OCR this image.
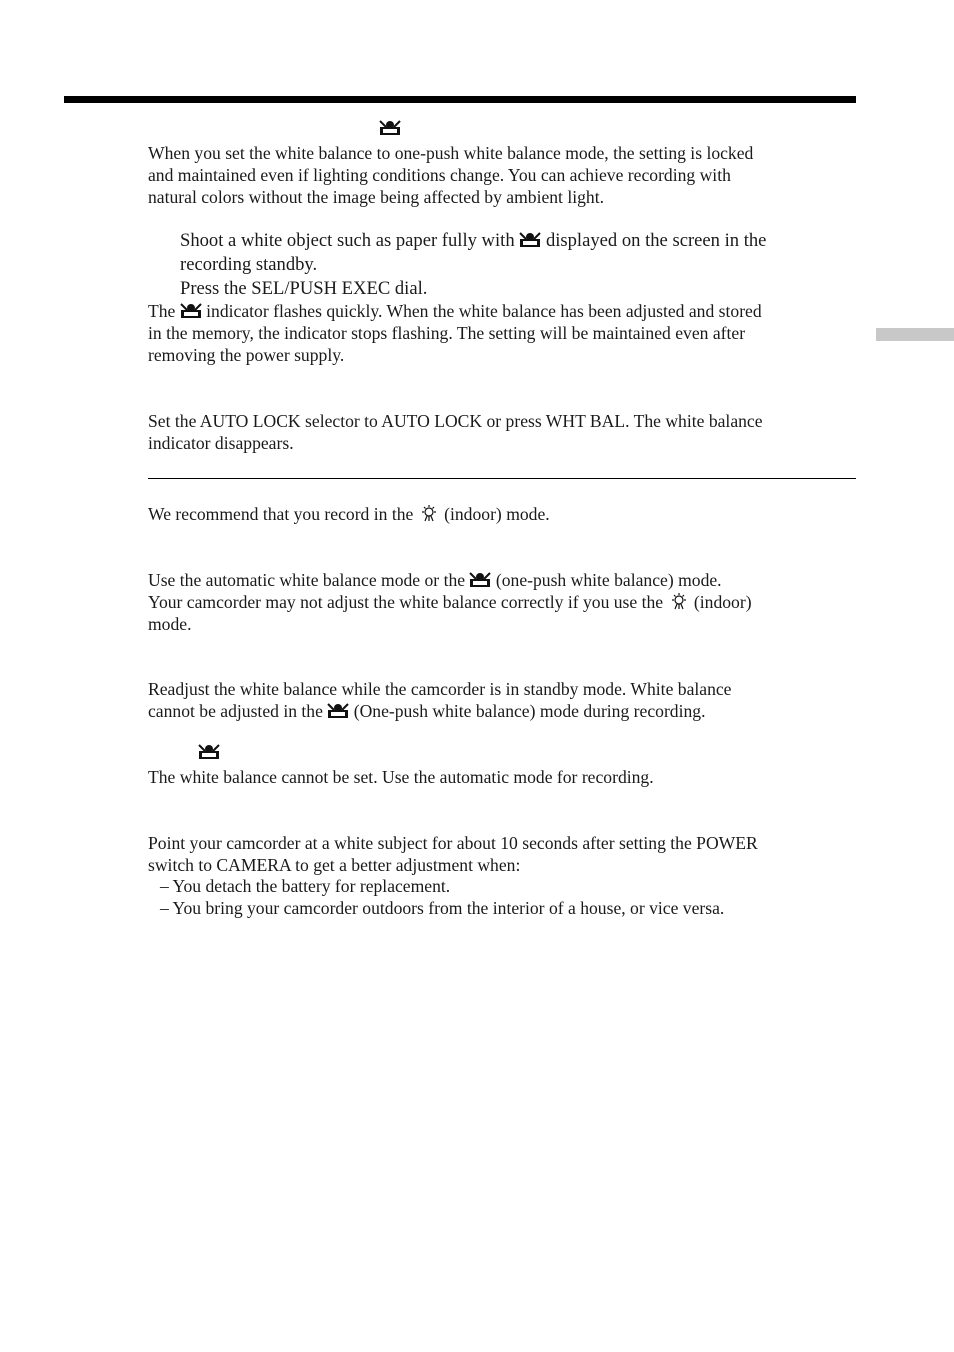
When you set the white balance to one-push white balance mode, the setting is locked
and maintained even if lighting conditions change. You can achieve recording with
natural colors without the image being affected by ambient light.
Shoot a white object such as paper fully with displayed on the screen in the
recording standby.
Press the SEL/PUSH EXEC dial.
The indicator flashes quickly. When the white balance has been adjusted and stored
in the memory, the indicator stops flashing. The setting will be maintained even after
removing the power supply.
Set the AUTO LOCK selector to AUTO LOCK or press WHT BAL. The white balance
indicator disappears.
We recommend that you record in the (indoor) mode.
Use the automatic white balance mode or the (one-push white balance) mode.
Your camcorder may not adjust the white balance correctly if you use the (indoor)
mode.
Readjust the white balance while the camcorder is in standby mode. White balance
cannot be adjusted in the (One-push white balance) mode during recording.
The white balance cannot be set. Use the automatic mode for recording.
Point your camcorder at a white subject for about 10 seconds after setting the POWER
switch to CAMERA to get a better adjustment when:
– You detach the battery for replacement.
– You bring your camcorder outdoors from the interior of a house, or vice versa.
